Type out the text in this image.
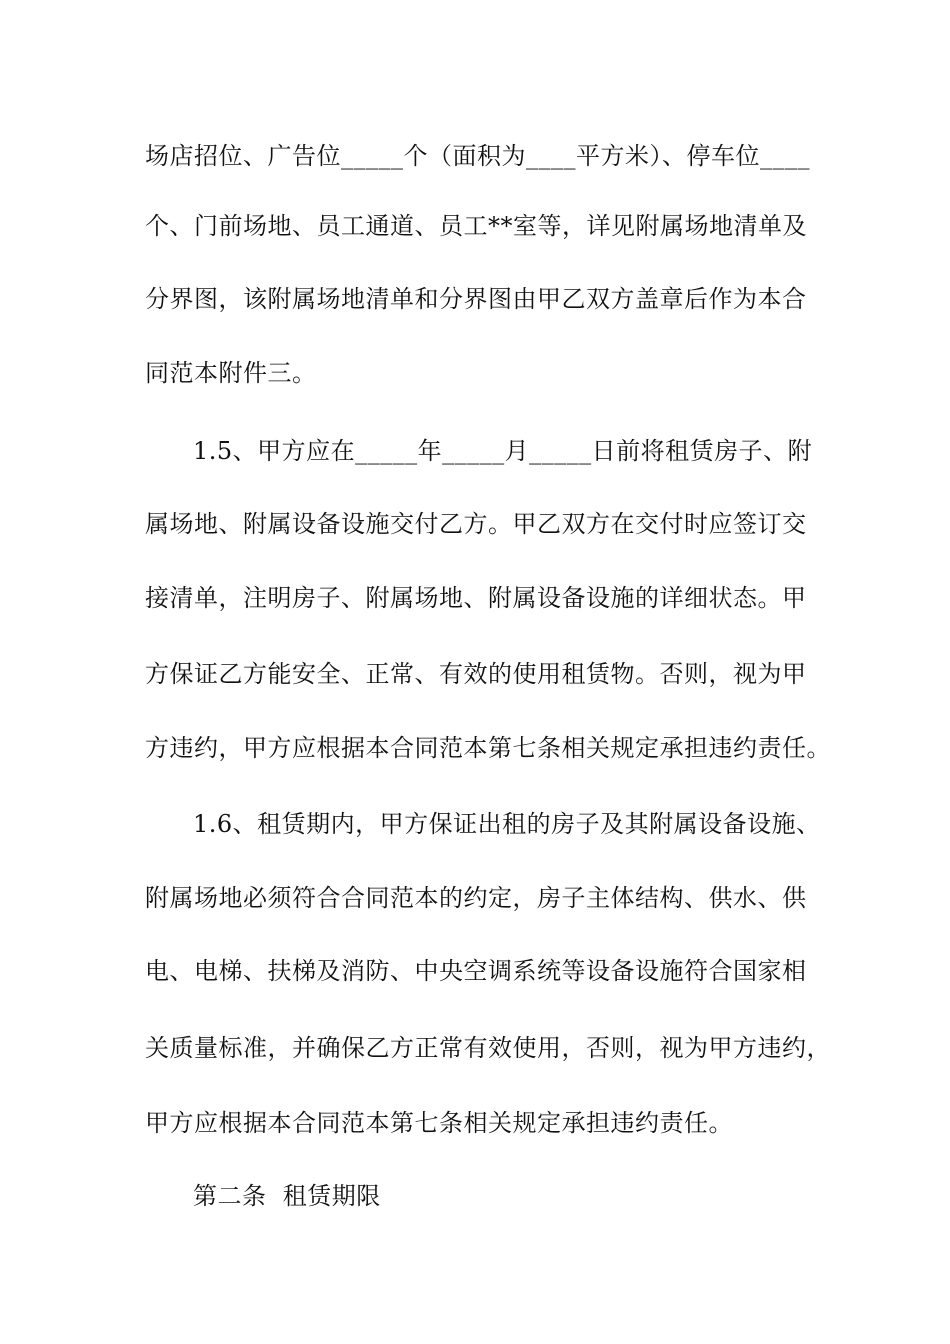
场店招位、广告位_____个（面积为____平方米）、停车位____
个、门前场地、员工通道、员工**室等，详见附属场地清单及
分界图，该附属场地清单和分界图由甲乙双方盖章后作为本合
同范本附件三。
1.5、甲方应在_____年_____月_____日前将租赁房子、附
属场地、附属设备设施交付乙方。甲乙双方在交付时应签订交
接清单，注明房子、附属场地、附属设备设施的详细状态。甲
方保证乙方能安全、正常、有效的使用租赁物。否则，视为甲
方违约，甲方应根据本合同范本第七条相关规定承担违约责任。
1.6、租赁期内，甲方保证出租的房子及其附属设备设施、
附属场地必须符合合同范本的约定，房子主体结构、供水、供
电、电梯、扶梯及消防、中央空调系统等设备设施符合国家相
关质量标准，并确保乙方正常有效使用，否则，视为甲方违约，
甲方应根据本合同范本第七条相关规定承担违约责任。
第二条  租赁期限
